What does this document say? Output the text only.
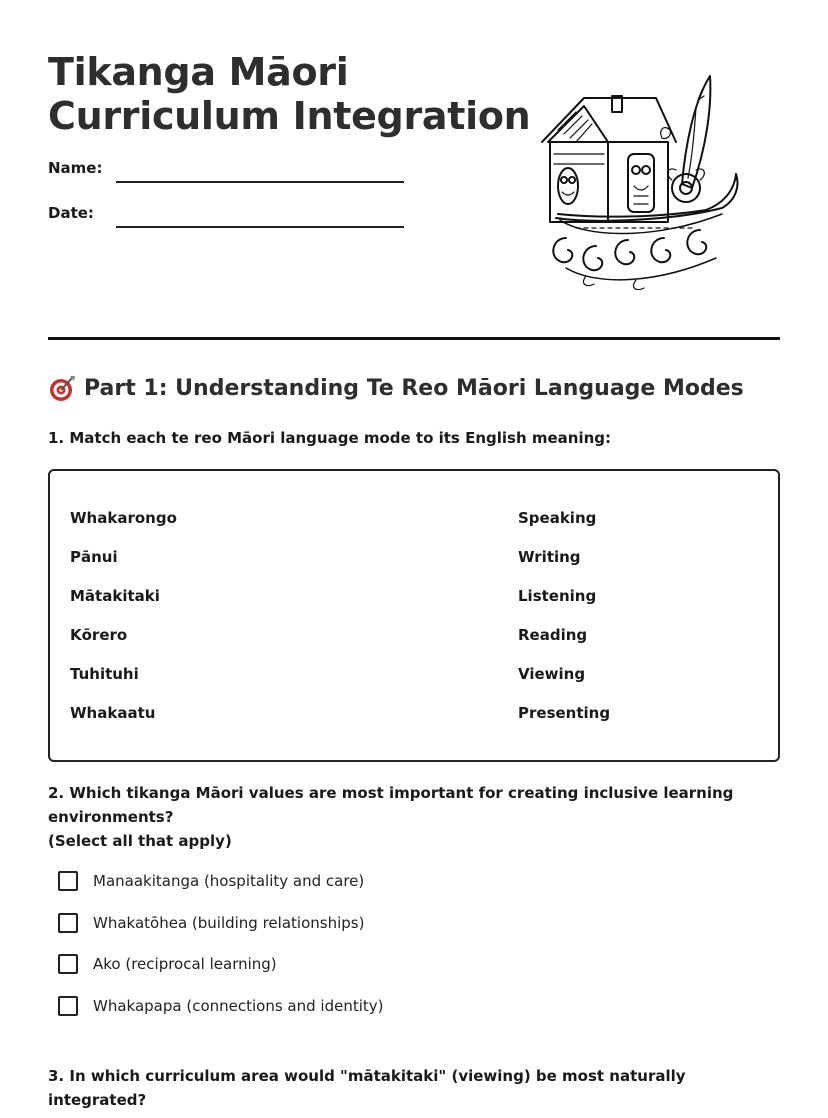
Tikanga Māori
Curriculum Integration
Name:
Date:
Part 1: Understanding Te Reo Māori Language Modes

1. Match each te reo Māori language mode to its English meaning:

Whakarongo
Pānui
Mātakitaki
Kōrero
Tuhituhi
Whakaatu
Speaking
Writing
Listening
Reading
Viewing
Presenting

2. Which tikanga Māori values are most important for creating inclusive learning environments?
(Select all that apply)

Manaakitanga (hospitality and care)
Whakatōhea (building relationships)
Ako (reciprocal learning)
Whakapapa (connections and identity)

3. In which curriculum area would "mātakitaki" (viewing) be most naturally integrated?
